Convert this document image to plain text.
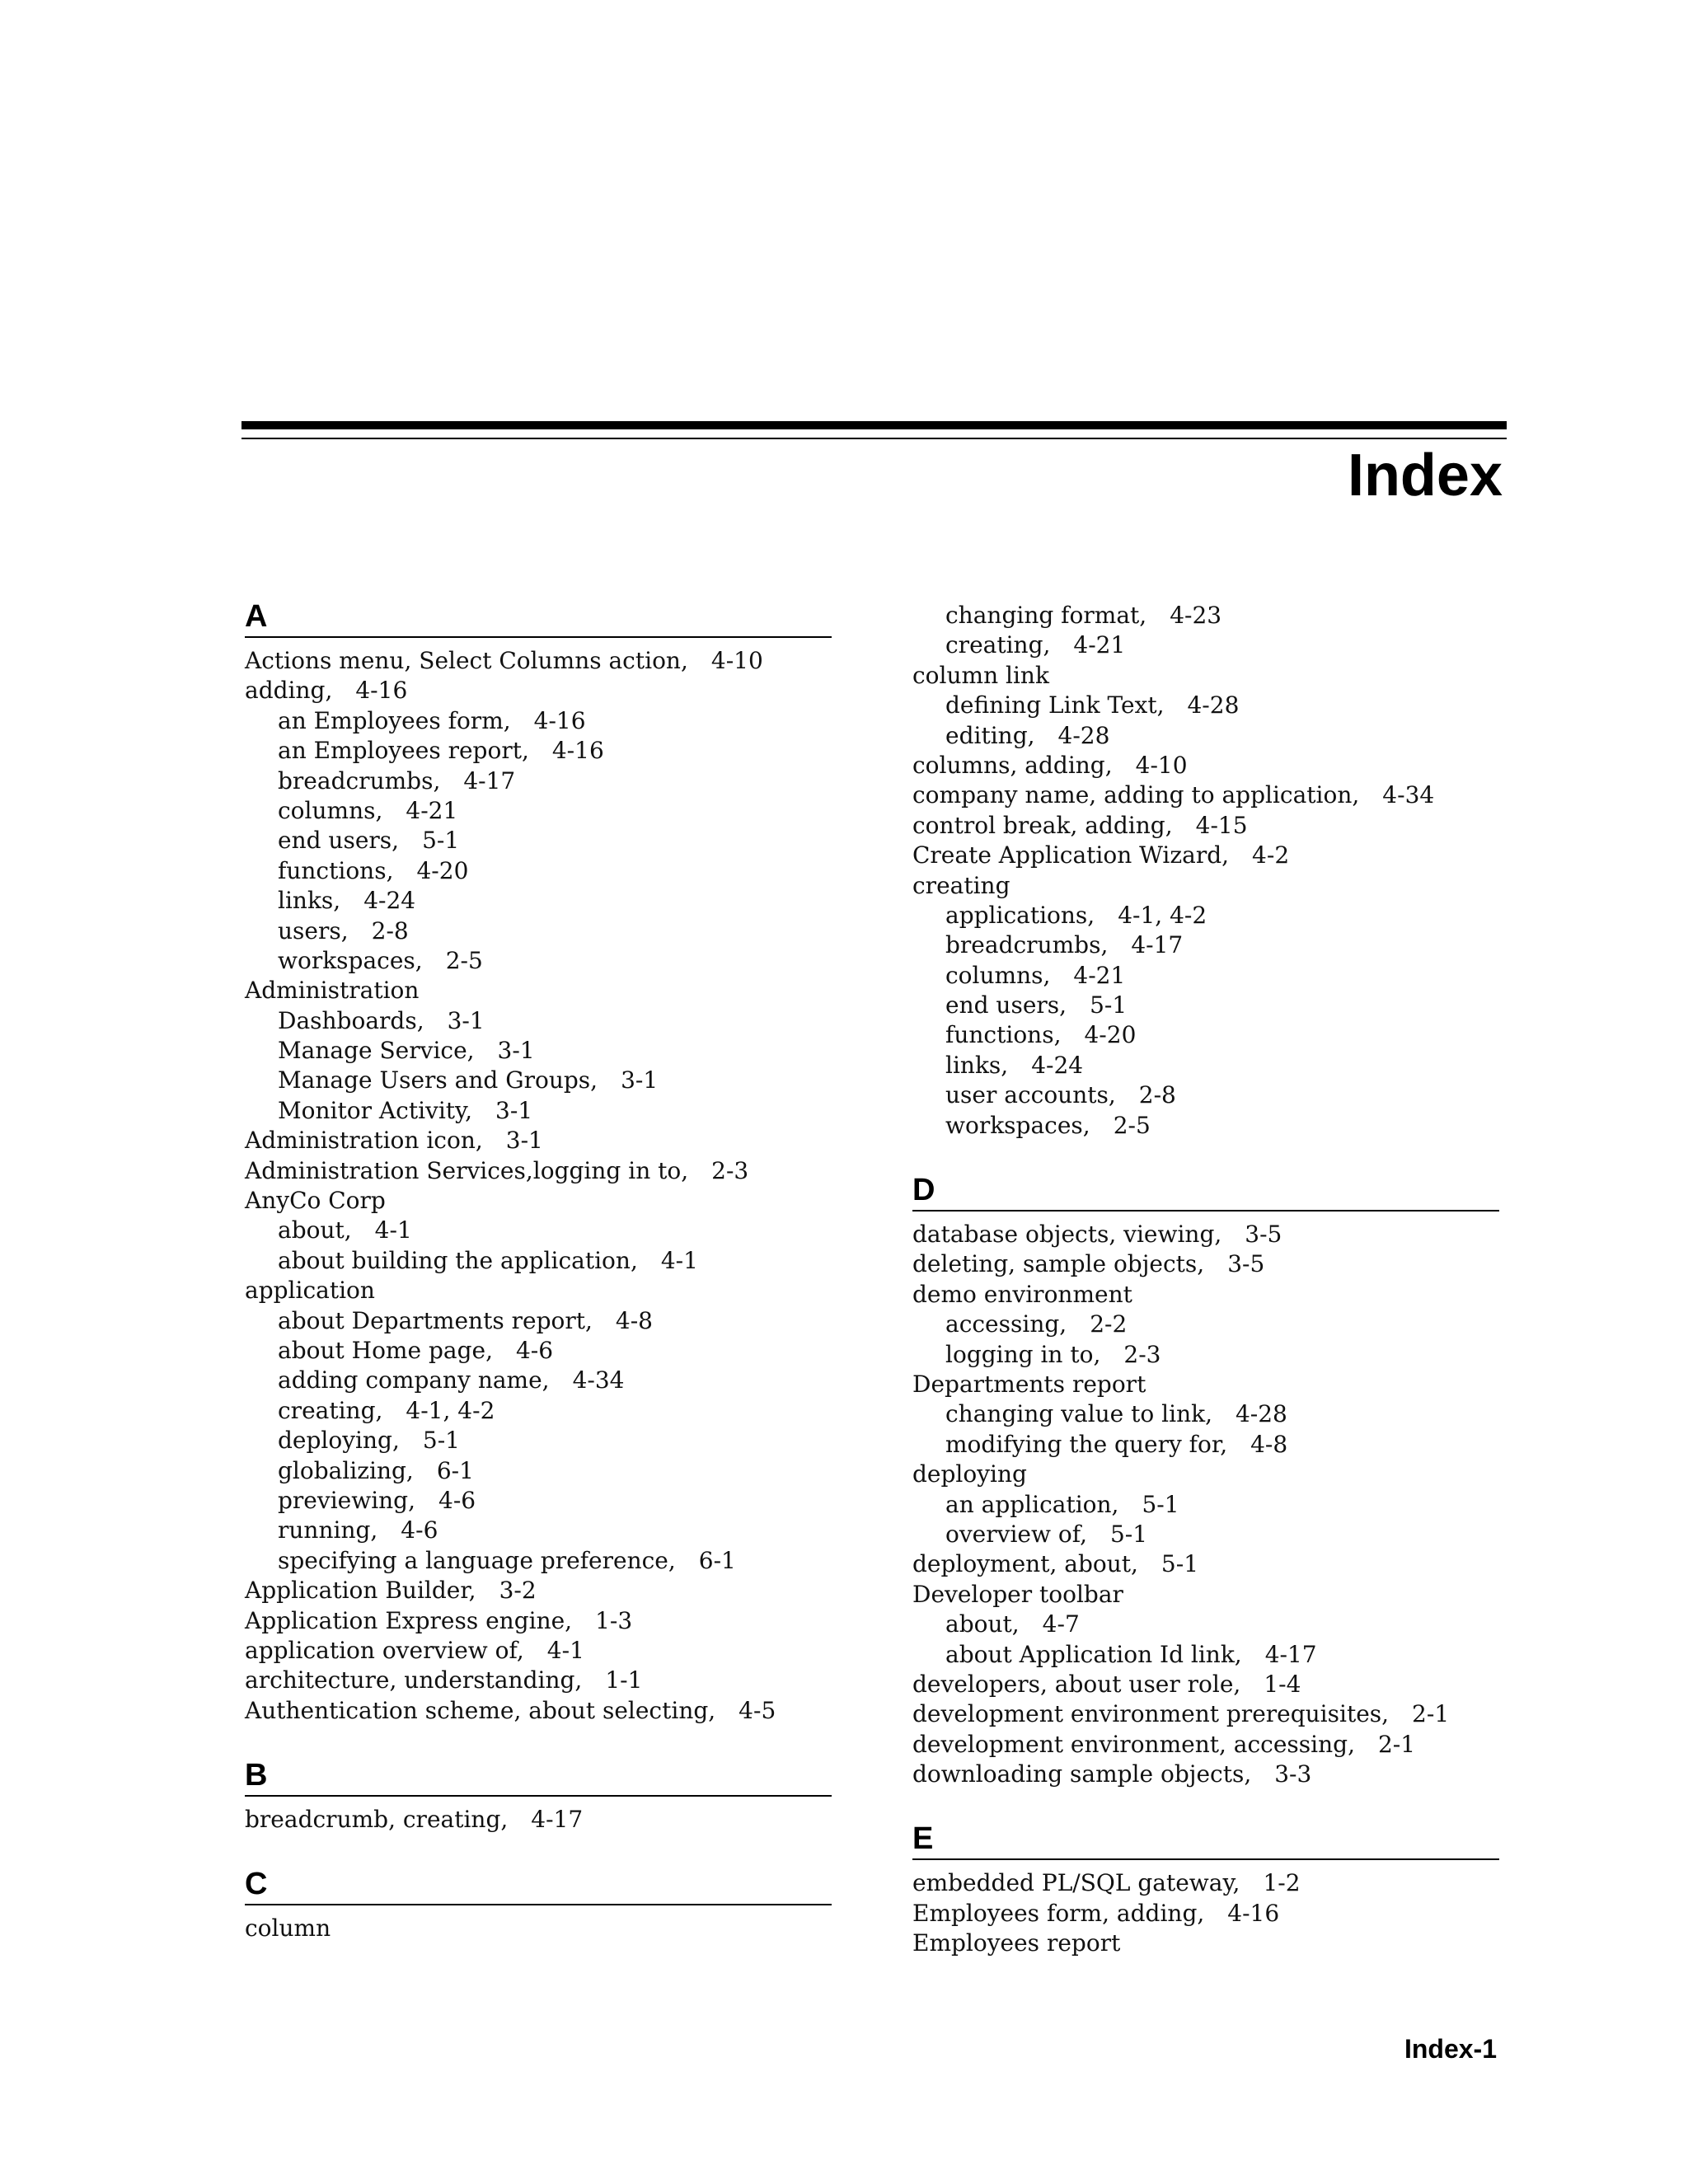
Index
A
Actions menu, Select Columns action, 4-10
adding, 4-16
an Employees form, 4-16
an Employees report, 4-16
breadcrumbs, 4-17
columns, 4-21
end users, 5-1
functions, 4-20
links, 4-24
users, 2-8
workspaces, 2-5
Administration
Dashboards, 3-1
Manage Service, 3-1
Manage Users and Groups, 3-1
Monitor Activity, 3-1
Administration icon, 3-1
Administration Services,logging in to, 2-3
AnyCo Corp
about, 4-1
about building the application, 4-1
application
about Departments report, 4-8
about Home page, 4-6
adding company name, 4-34
creating, 4-1, 4-2
deploying, 5-1
globalizing, 6-1
previewing, 4-6
running, 4-6
specifying a language preference, 6-1
Application Builder, 3-2
Application Express engine, 1-3
application overview of, 4-1
architecture, understanding, 1-1
Authentication scheme, about selecting, 4-5
B
breadcrumb, creating, 4-17
C
column
changing format, 4-23
creating, 4-21
column link
defining Link Text, 4-28
editing, 4-28
columns, adding, 4-10
company name, adding to application, 4-34
control break, adding, 4-15
Create Application Wizard, 4-2
creating
applications, 4-1, 4-2
breadcrumbs, 4-17
columns, 4-21
end users, 5-1
functions, 4-20
links, 4-24
user accounts, 2-8
workspaces, 2-5
D
database objects, viewing, 3-5
deleting, sample objects, 3-5
demo environment
accessing, 2-2
logging in to, 2-3
Departments report
changing value to link, 4-28
modifying the query for, 4-8
deploying
an application, 5-1
overview of, 5-1
deployment, about, 5-1
Developer toolbar
about, 4-7
about Application Id link, 4-17
developers, about user role, 1-4
development environment prerequisites, 2-1
development environment, accessing, 2-1
downloading sample objects, 3-3
E
embedded PL/SQL gateway, 1-2
Employees form, adding, 4-16
Employees report
Index-1
